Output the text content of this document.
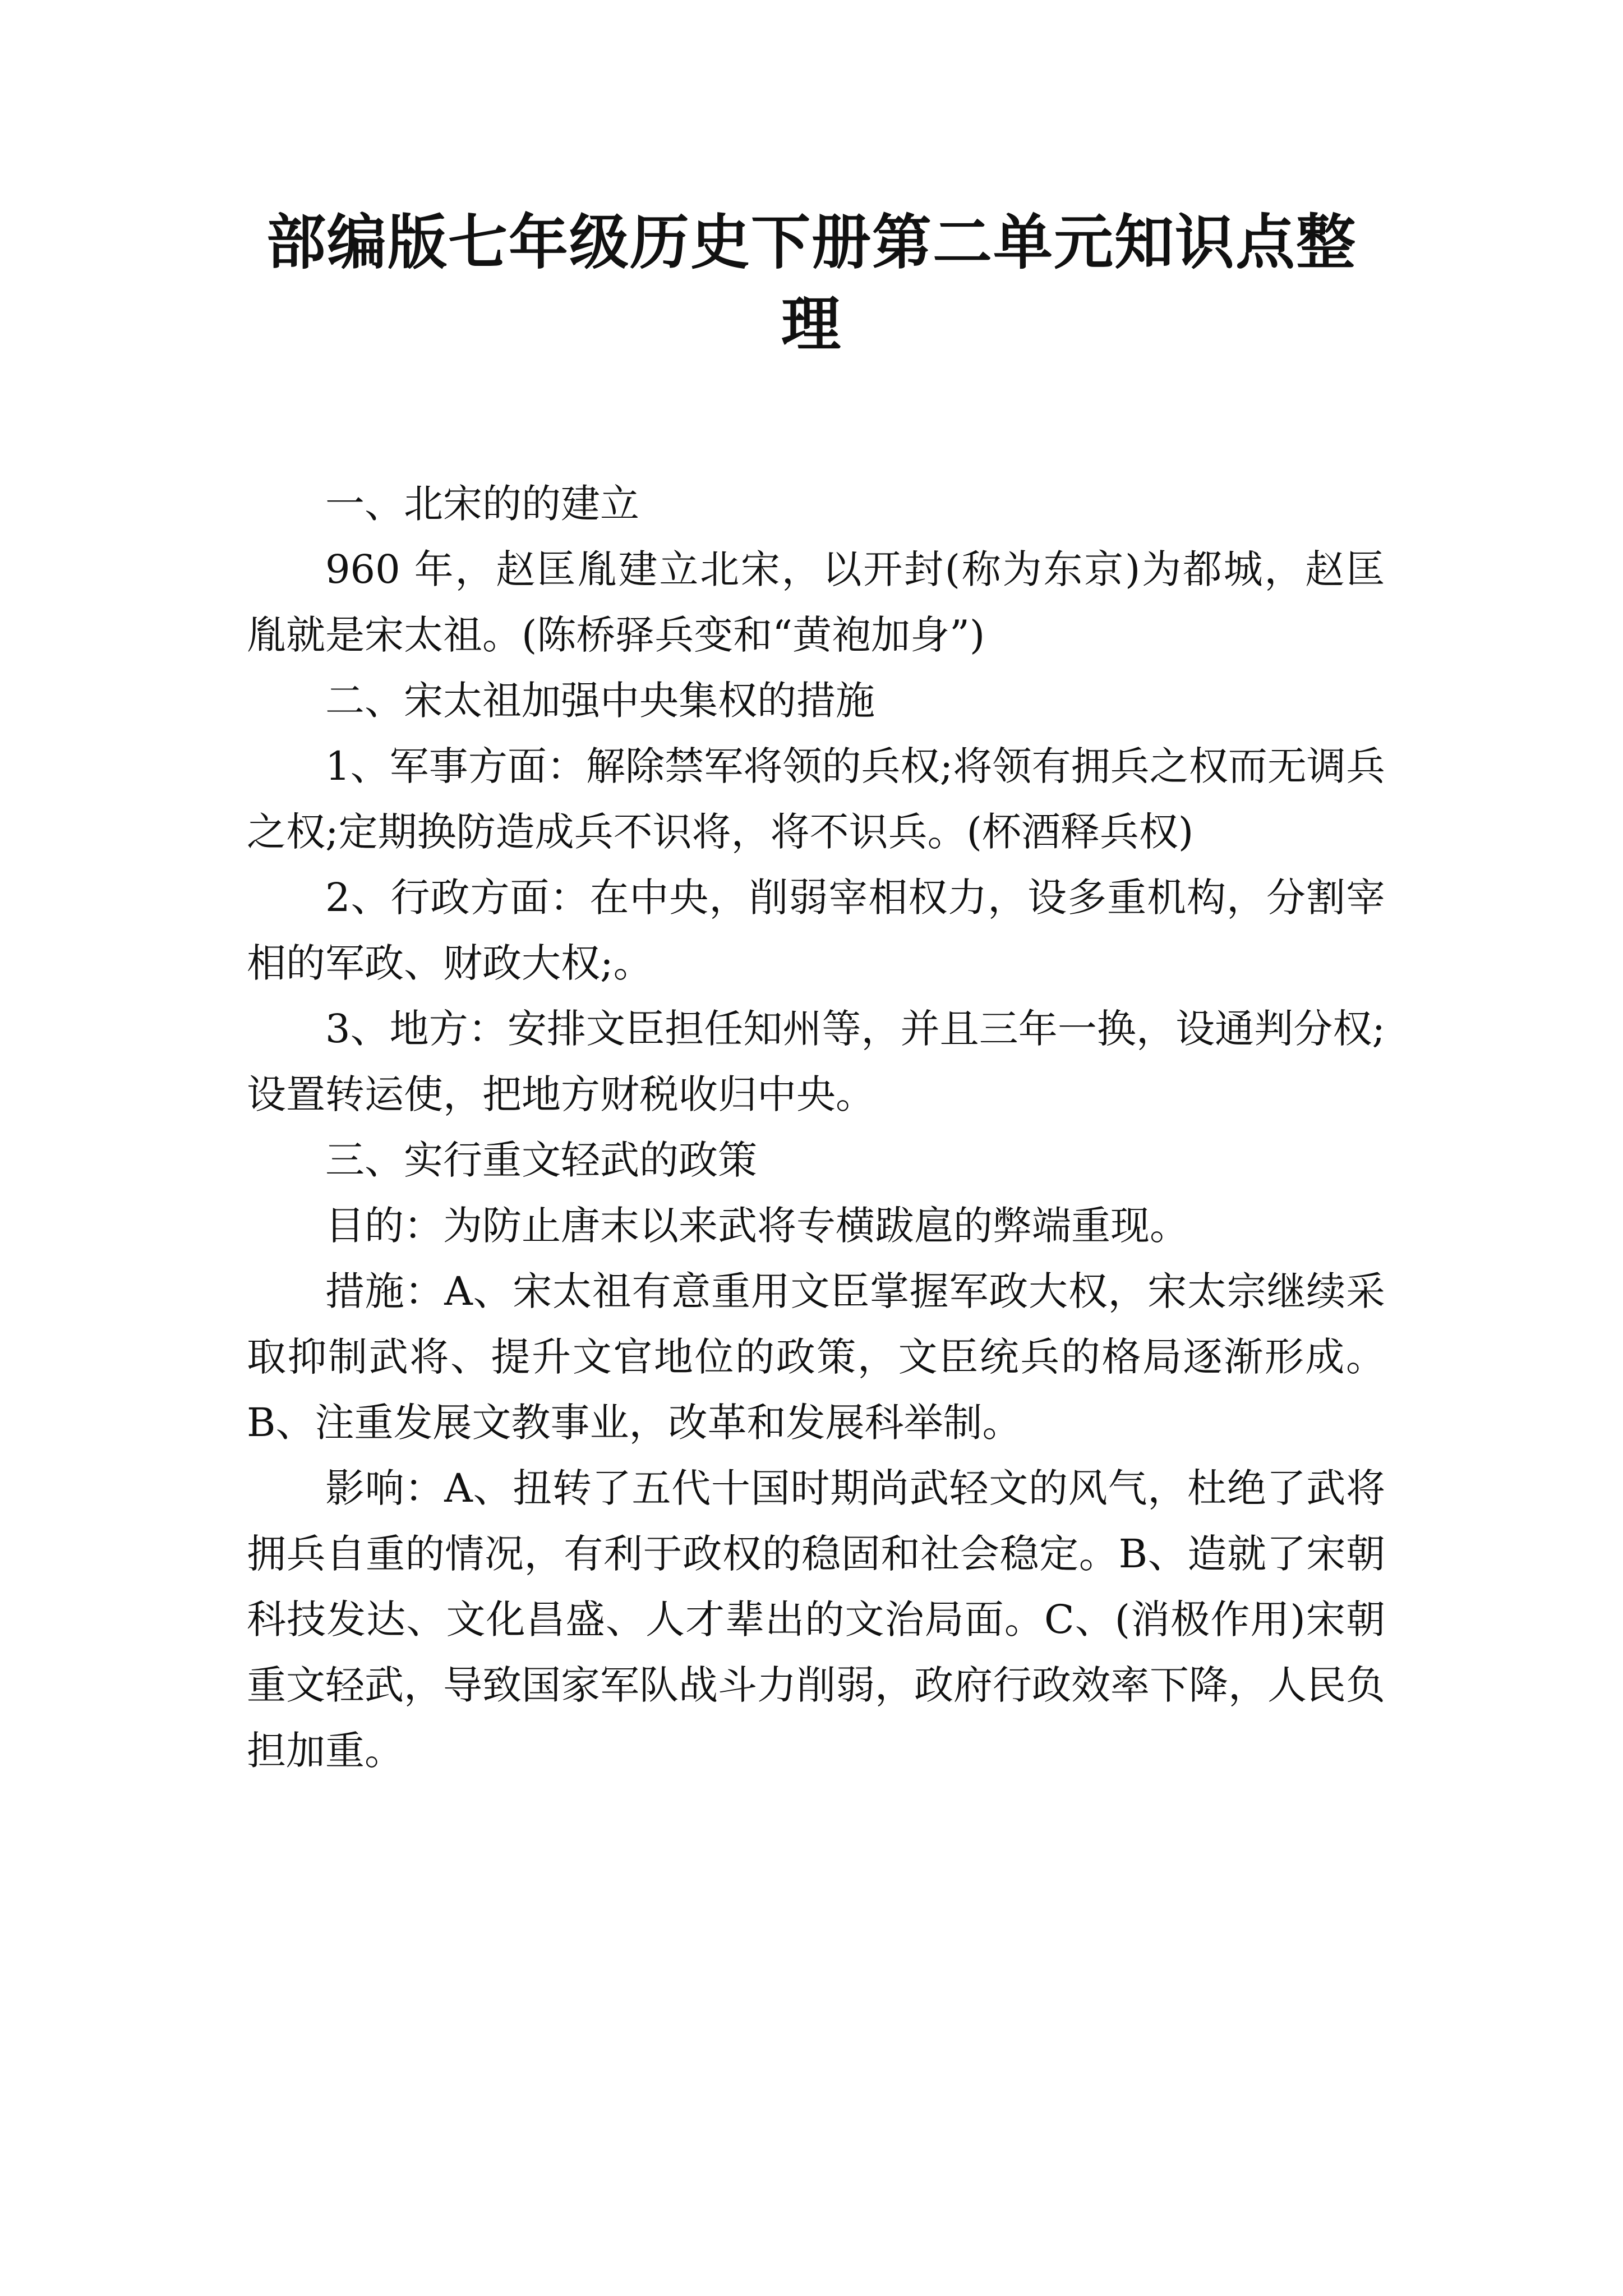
部编版七年级历史下册第二单元知识点整理

一、北宋的的建立

960 年，赵匡胤建立北宋，以开封(称为东京)为都城，赵匡胤就是宋太祖。(陈桥驿兵变和“黄袍加身”)

二、宋太祖加强中央集权的措施

1、军事方面：解除禁军将领的兵权;将领有拥兵之权而无调兵之权;定期换防造成兵不识将，将不识兵。(杯酒释兵权)

2、行政方面：在中央，削弱宰相权力，设多重机构，分割宰相的军政、财政大权;。

3、地方：安排文臣担任知州等，并且三年一换，设通判分权;设置转运使，把地方财税收归中央。

三、实行重文轻武的政策

目的：为防止唐末以来武将专横跋扈的弊端重现。

措施：A、宋太祖有意重用文臣掌握军政大权，宋太宗继续采取抑制武将、提升文官地位的政策，文臣统兵的格局逐渐形成。B、注重发展文教事业，改革和发展科举制。

影响：A、扭转了五代十国时期尚武轻文的风气，杜绝了武将拥兵自重的情况，有利于政权的稳固和社会稳定。B、造就了宋朝科技发达、文化昌盛、人才辈出的文治局面。C、(消极作用)宋朝重文轻武，导致国家军队战斗力削弱，政府行政效率下降，人民负担加重。
